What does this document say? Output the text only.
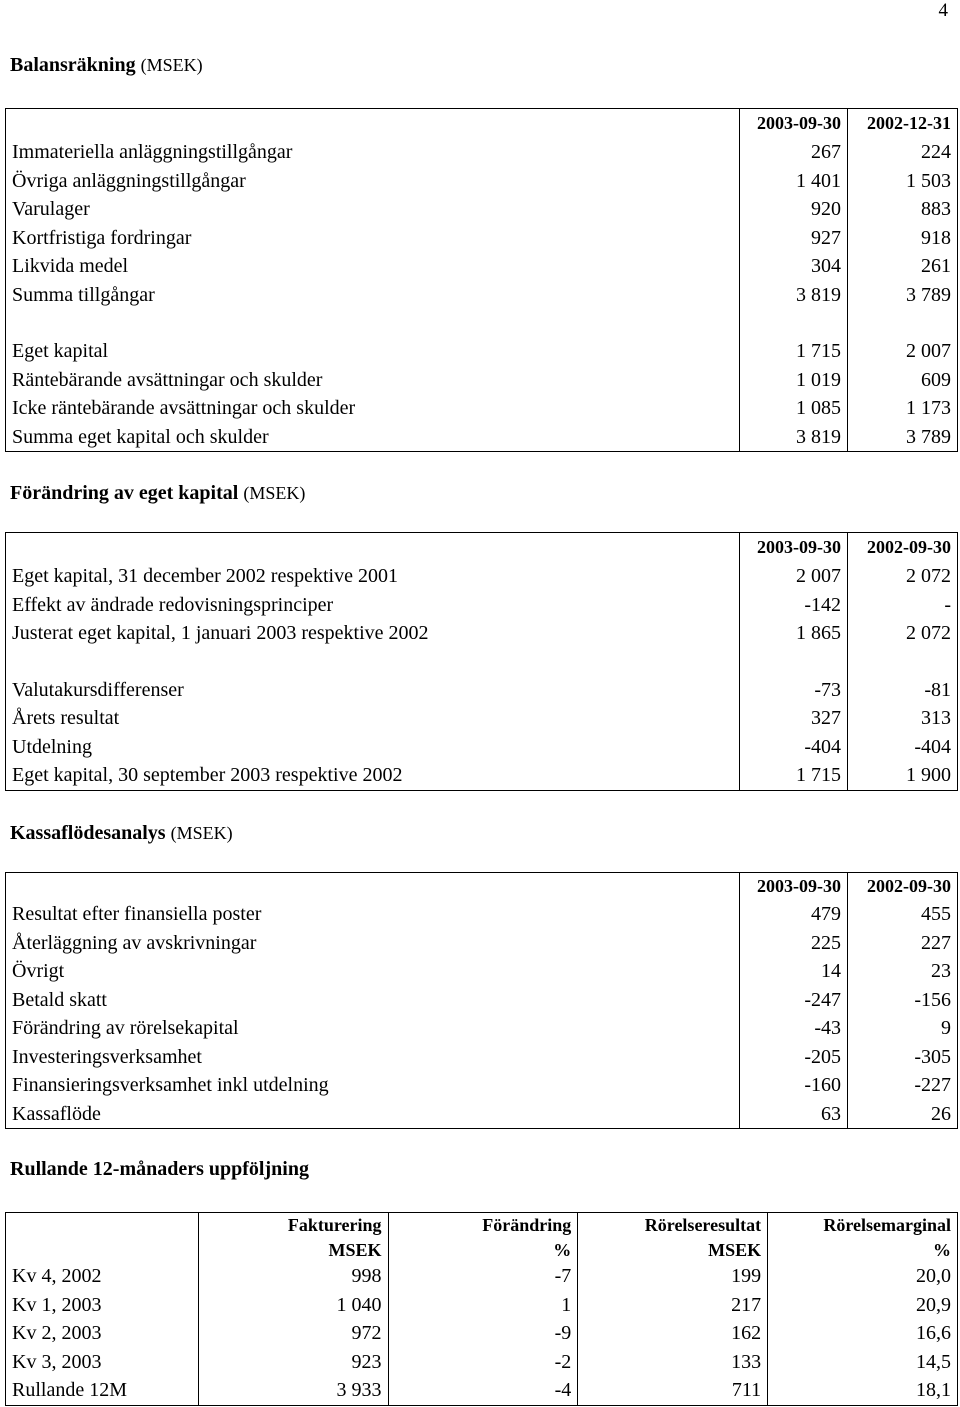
4
Balansräkning (MSEK)
	2003-09-30	2002-12-31
Immateriella anläggningstillgångar	267	224
Övriga anläggningstillgångar	1 401	1 503
Varulager	920	883
Kortfristiga fordringar	927	918
Likvida medel	304	261
Summa tillgångar	3 819	3 789

Eget kapital	1 715	2 007
Räntebärande avsättningar och skulder	1 019	609
Icke räntebärande avsättningar och skulder	1 085	1 173
Summa eget kapital och skulder	3 819	3 789
Förändring av eget kapital (MSEK)
	2003-09-30	2002-09-30
Eget kapital, 31 december 2002 respektive 2001	2 007	2 072
Effekt av ändrade redovisningsprinciper	-142	-
Justerat eget kapital, 1 januari 2003 respektive 2002	1 865	2 072

Valutakursdifferenser	-73	-81
Årets resultat	327	313
Utdelning	-404	-404
Eget kapital, 30 september 2003 respektive 2002	1 715	1 900
Kassaflödesanalys (MSEK)
	2003-09-30	2002-09-30
Resultat efter finansiella poster	479	455
Återläggning av avskrivningar	225	227
Övrigt	14	23
Betald skatt	-247	-156
Förändring av rörelsekapital	-43	9
Investeringsverksamhet	-205	-305
Finansieringsverksamhet inkl utdelning	-160	-227
Kassaflöde	63	26
Rullande 12-månaders uppföljning
	Fakturering	Förändring	Rörelseresultat	Rörelsemarginal
	MSEK	%	MSEK	%
Kv 4, 2002	998	-7	199	20,0
Kv 1, 2003	1 040	1	217	20,9
Kv 2, 2003	972	-9	162	16,6
Kv 3, 2003	923	-2	133	14,5
Rullande 12M	3 933	-4	711	18,1
